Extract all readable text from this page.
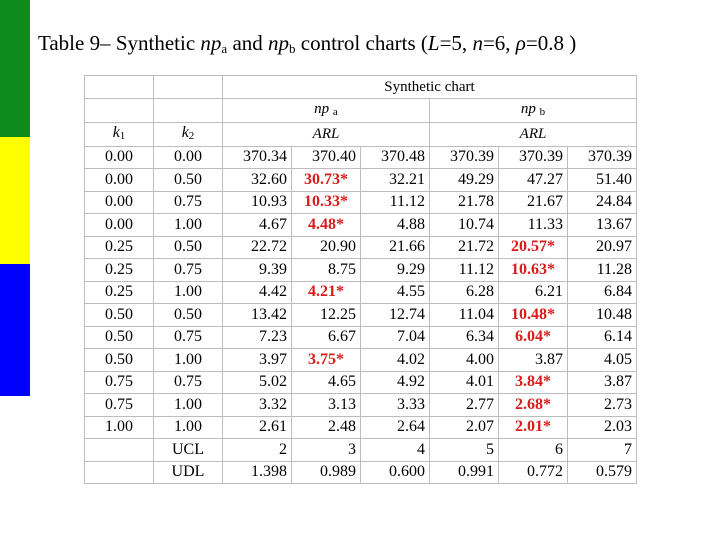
Table 9– Synthetic $np_a$ and $np_b$ control charts (L=5, n=6, ρ=0.8 )
		Synthetic chart					
		np a			np b		
k1	k2	ARL			ARL		
0.00	0.00	370.34	370.40	370.48	370.39	370.39	370.39
0.00	0.50	32.60	30.73*	32.21	49.29	47.27	51.40
0.00	0.75	10.93	10.33*	11.12	21.78	21.67	24.84
0.00	1.00	4.67	4.48*	4.88	10.74	11.33	13.67
0.25	0.50	22.72	20.90	21.66	21.72	20.57*	20.97
0.25	0.75	9.39	8.75	9.29	11.12	10.63*	11.28
0.25	1.00	4.42	4.21*	4.55	6.28	6.21	6.84
0.50	0.50	13.42	12.25	12.74	11.04	10.48*	10.48
0.50	0.75	7.23	6.67	7.04	6.34	6.04*	6.14
0.50	1.00	3.97	3.75*	4.02	4.00	3.87	4.05
0.75	0.75	5.02	4.65	4.92	4.01	3.84*	3.87
0.75	1.00	3.32	3.13	3.33	2.77	2.68*	2.73
1.00	1.00	2.61	2.48	2.64	2.07	2.01*	2.03
	UCL	2	3	4	5	6	7
	UDL	1.398	0.989	0.600	0.991	0.772	0.579
